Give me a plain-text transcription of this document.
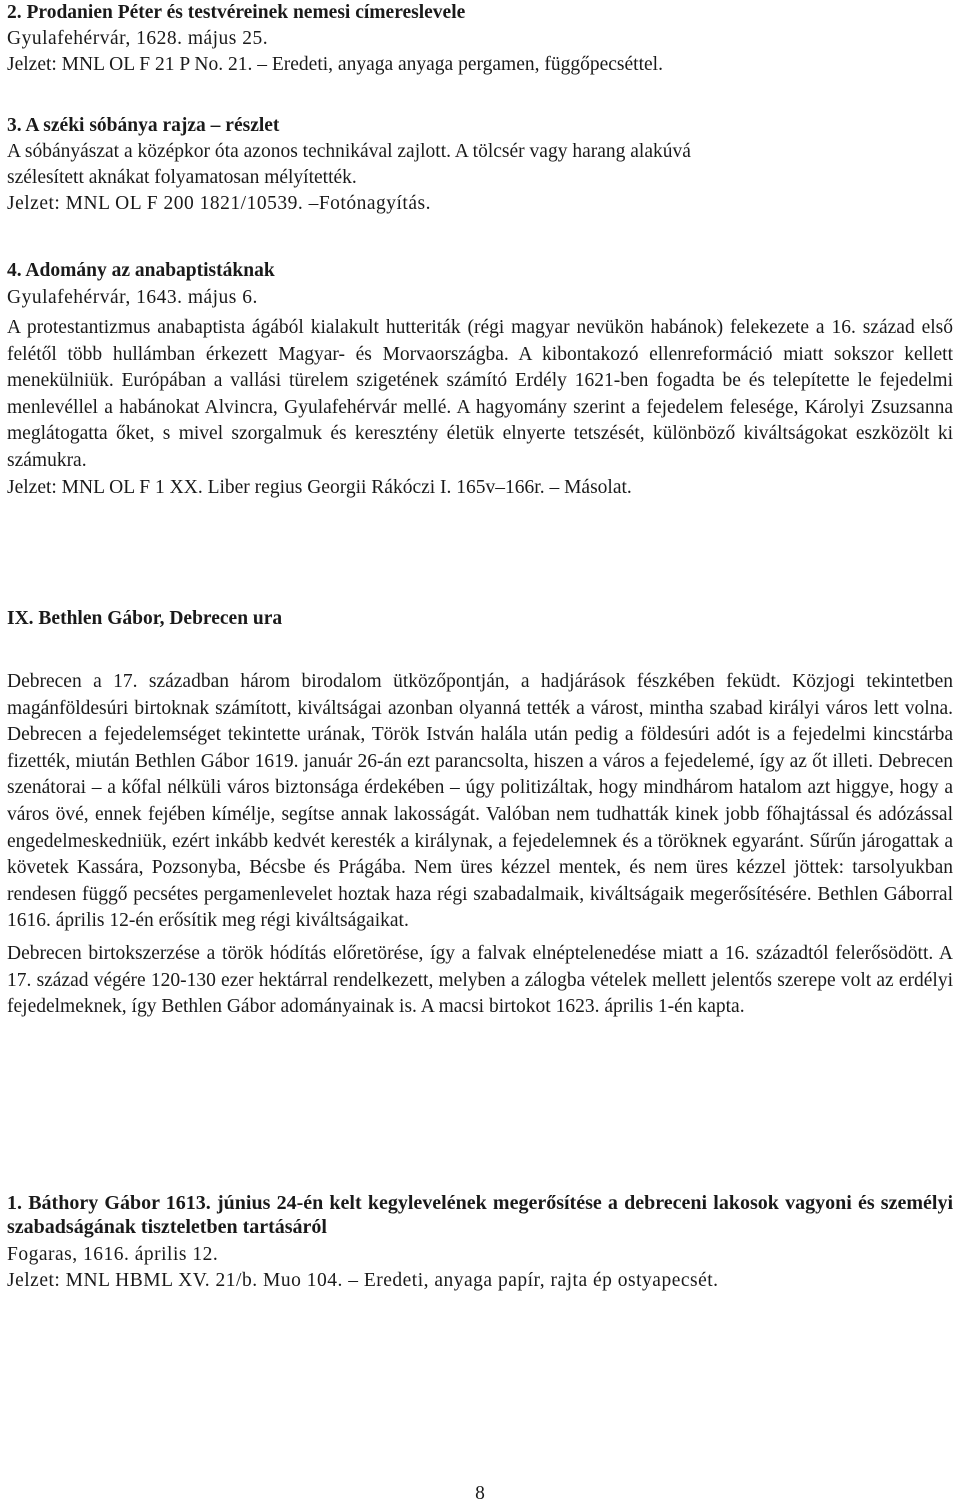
2. Prodanien Péter és testvéreinek nemesi címereslevele
Gyulafehérvár, 1628. május 25.
Jelzet: MNL OL F 21 P No. 21. – Eredeti, anyaga anyaga pergamen, függőpecséttel.
3. A széki sóbánya rajza – részlet
A sóbányászat a középkor óta azonos technikával zajlott. A tölcsér vagy harang alakúvá
szélesített aknákat folyamatosan mélyítették.
Jelzet: MNL OL F 200 1821/10539. –Fotónagyítás.
4. Adomány az anabaptistáknak
Gyulafehérvár, 1643. május 6.

A protestantizmus anabaptista ágából kialakult hutteriták (régi magyar nevükön habánok) felekezete a 16. század első felétől több hullámban érkezett Magyar- és Morvaországba. A kibontakozó ellenreformáció miatt sokszor kellett menekülniük. Európában a vallási türelem szigetének számító Erdély 1621-ben fogadta be és telepítette le fejedelmi menlevéllel a habánokat Alvincra, Gyulafehérvár mellé. A hagyomány szerint a fejedelem felesége, Károlyi Zsuzsanna meglátogatta őket, s mivel szorgalmuk és keresztény életük elnyerte tetszését, különböző kiváltságokat eszközölt ki számukra.

Jelzet: MNL OL F 1 XX. Liber regius Georgii Rákóczi I. 165v–166r. – Másolat.
IX. Bethlen Gábor, Debrecen ura

Debrecen a 17. században három birodalom ütközőpontján, a hadjárások fészkében feküdt. Közjogi tekintetben magánföldesúri birtoknak számított, kiváltságai azonban olyanná tették a várost, mintha szabad királyi város lett volna. Debrecen a fejedelemséget tekintette urának, Török István halála után pedig a földesúri adót is a fejedelmi kincstárba fizették, miután Bethlen Gábor 1619. január 26-án ezt parancsolta, hiszen a város a fejedelemé, így az őt illeti. Debrecen szenátorai – a kőfal nélküli város biztonsága érdekében – úgy politizáltak, hogy mindhárom hatalom azt higgye, hogy a város övé, ennek fejében kímélje, segítse annak lakosságát. Valóban nem tudhatták kinek jobb főhajtással és adózással engedelmeskedniük, ezért inkább kedvét keresték a királynak, a fejedelemnek és a töröknek egyaránt. Sűrűn járogattak a követek Kassára, Pozsonyba, Bécsbe és Prágába. Nem üres kézzel mentek, és nem üres kézzel jöttek: tarsolyukban rendesen függő pecsétes pergamenlevelet hoztak haza régi szabadalmaik, kiváltságaik megerősítésére. Bethlen Gáborral 1616. április 12-én erősítik meg régi kiváltságaikat.

Debrecen birtokszerzése a török hódítás előretörése, így a falvak elnéptelenedése miatt a 16. századtól felerősödött. A 17. század végére 120-130 ezer hektárral rendelkezett, melyben a zálogba vételek mellett jelentős szerepe volt az erdélyi fejedelmeknek, így Bethlen Gábor adományainak is. A macsi birtokot 1623. április 1-én kapta.

1. Báthory Gábor 1613. június 24-én kelt kegylevelének megerősítése a debreceni lakosok vagyoni és személyi szabadságának tiszteletben tartásáról

Fogaras, 1616. április 12.
Jelzet: MNL HBML XV. 21/b. Muo 104. – Eredeti, anyaga papír, rajta ép ostyapecsét.
8
